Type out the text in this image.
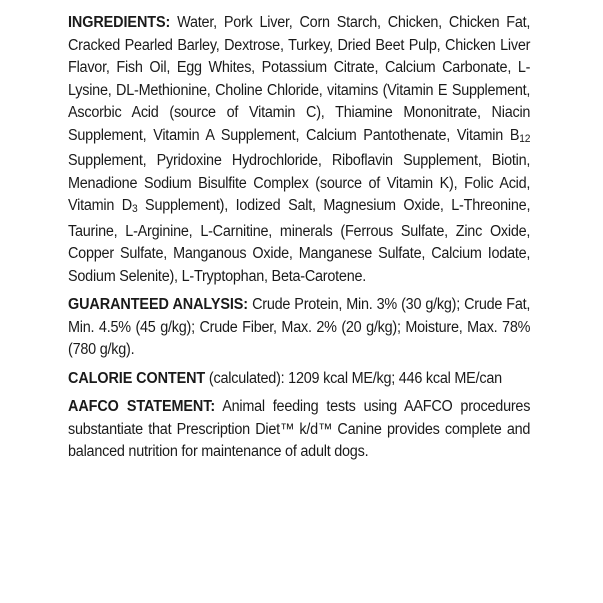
INGREDIENTS: Water, Pork Liver, Corn Starch, Chicken, Chicken Fat, Cracked Pearled Barley, Dextrose, Turkey, Dried Beet Pulp, Chicken Liver Flavor, Fish Oil, Egg Whites, Potassium Citrate, Calcium Carbonate, L-Lysine, DL-Methionine, Choline Chloride, vitamins (Vitamin E Supplement, Ascorbic Acid (source of Vitamin C), Thiamine Mononitrate, Niacin Supplement, Vitamin A Supplement, Calcium Pantothenate, Vitamin B12 Supplement, Pyridoxine Hydrochloride, Riboflavin Supplement, Biotin, Menadione Sodium Bisulfite Complex (source of Vitamin K), Folic Acid, Vitamin D3 Supplement), Iodized Salt, Magnesium Oxide, L-Threonine, Taurine, L-Arginine, L-Carnitine, minerals (Ferrous Sulfate, Zinc Oxide, Copper Sulfate, Manganous Oxide, Manganese Sulfate, Calcium Iodate, Sodium Selenite), L-Tryptophan, Beta-Carotene.

GUARANTEED ANALYSIS: Crude Protein, Min. 3% (30 g/kg); Crude Fat, Min. 4.5% (45 g/kg); Crude Fiber, Max. 2% (20 g/kg); Moisture, Max. 78% (780 g/kg).

CALORIE CONTENT (calculated): 1209 kcal ME/kg; 446 kcal ME/can

AAFCO STATEMENT: Animal feeding tests using AAFCO procedures substantiate that Prescription Diet™ k/d™ Canine provides complete and balanced nutrition for maintenance of adult dogs.
